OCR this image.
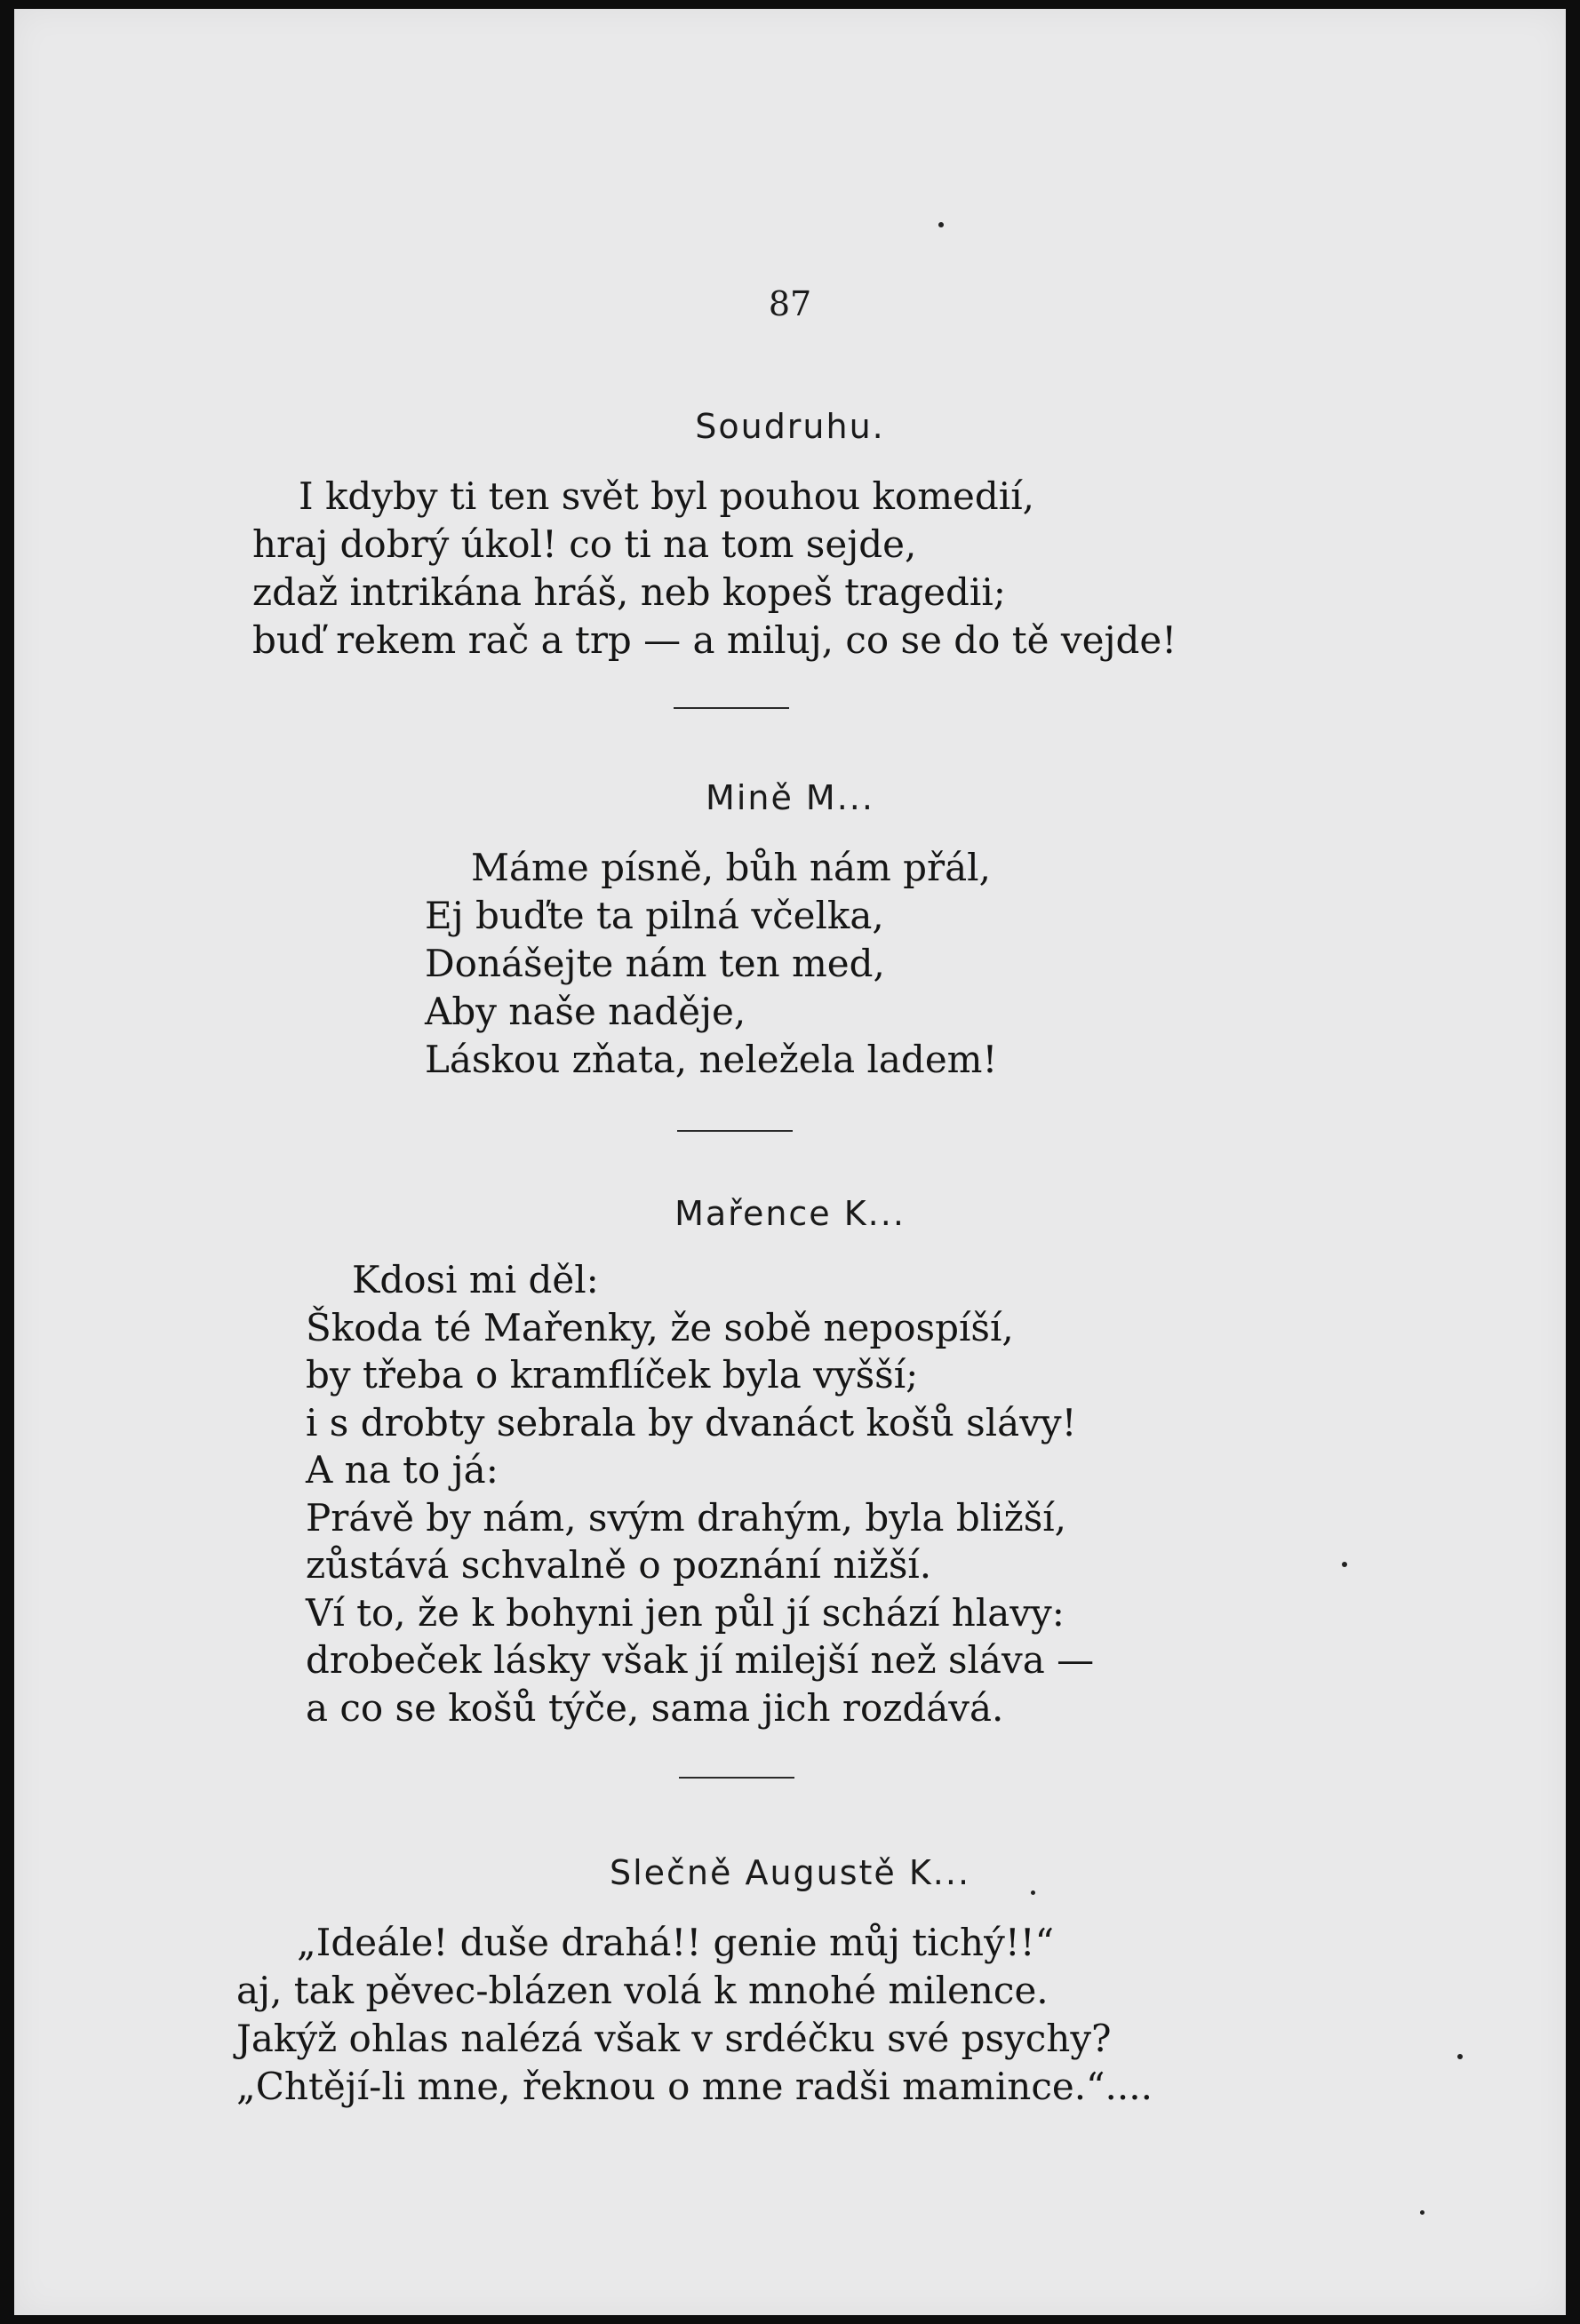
87
Soudruhu.
I kdyby ti ten svět byl pouhou komedií,
hraj dobrý úkol! co ti na tom sejde,
zdaž intrikána hráš, neb kopeš tragedii;
buď rekem rač a trp — a miluj, co se do tě vejde!
Mině M...
Máme písně, bůh nám přál,
Ej buďte ta pilná včelka,
Donášejte nám ten med,
Aby naše naděje,
Láskou zňata, neležela ladem!
Mařence K...
Kdosi mi děl:
Škoda té Mařenky, že sobě nepospíší,
by třeba o kramflíček byla vyšší;
i s drobty sebrala by dvanáct košů slávy!
A na to já:
Právě by nám, svým drahým, byla bližší,
zůstává schvalně o poznání nižší.
Ví to, že k bohyni jen půl jí schází hlavy:
drobeček lásky však jí milejší než sláva —
a co se košů týče, sama jich rozdává.
Slečně Augustě K...
„Ideále! duše drahá!! genie můj tichý!!“
aj, tak pěvec-blázen volá k mnohé milence.
Jakýž ohlas nalézá však v srdéčku své psychy?
„Chtějí-li mne, řeknou o mne radši mamince.“....
